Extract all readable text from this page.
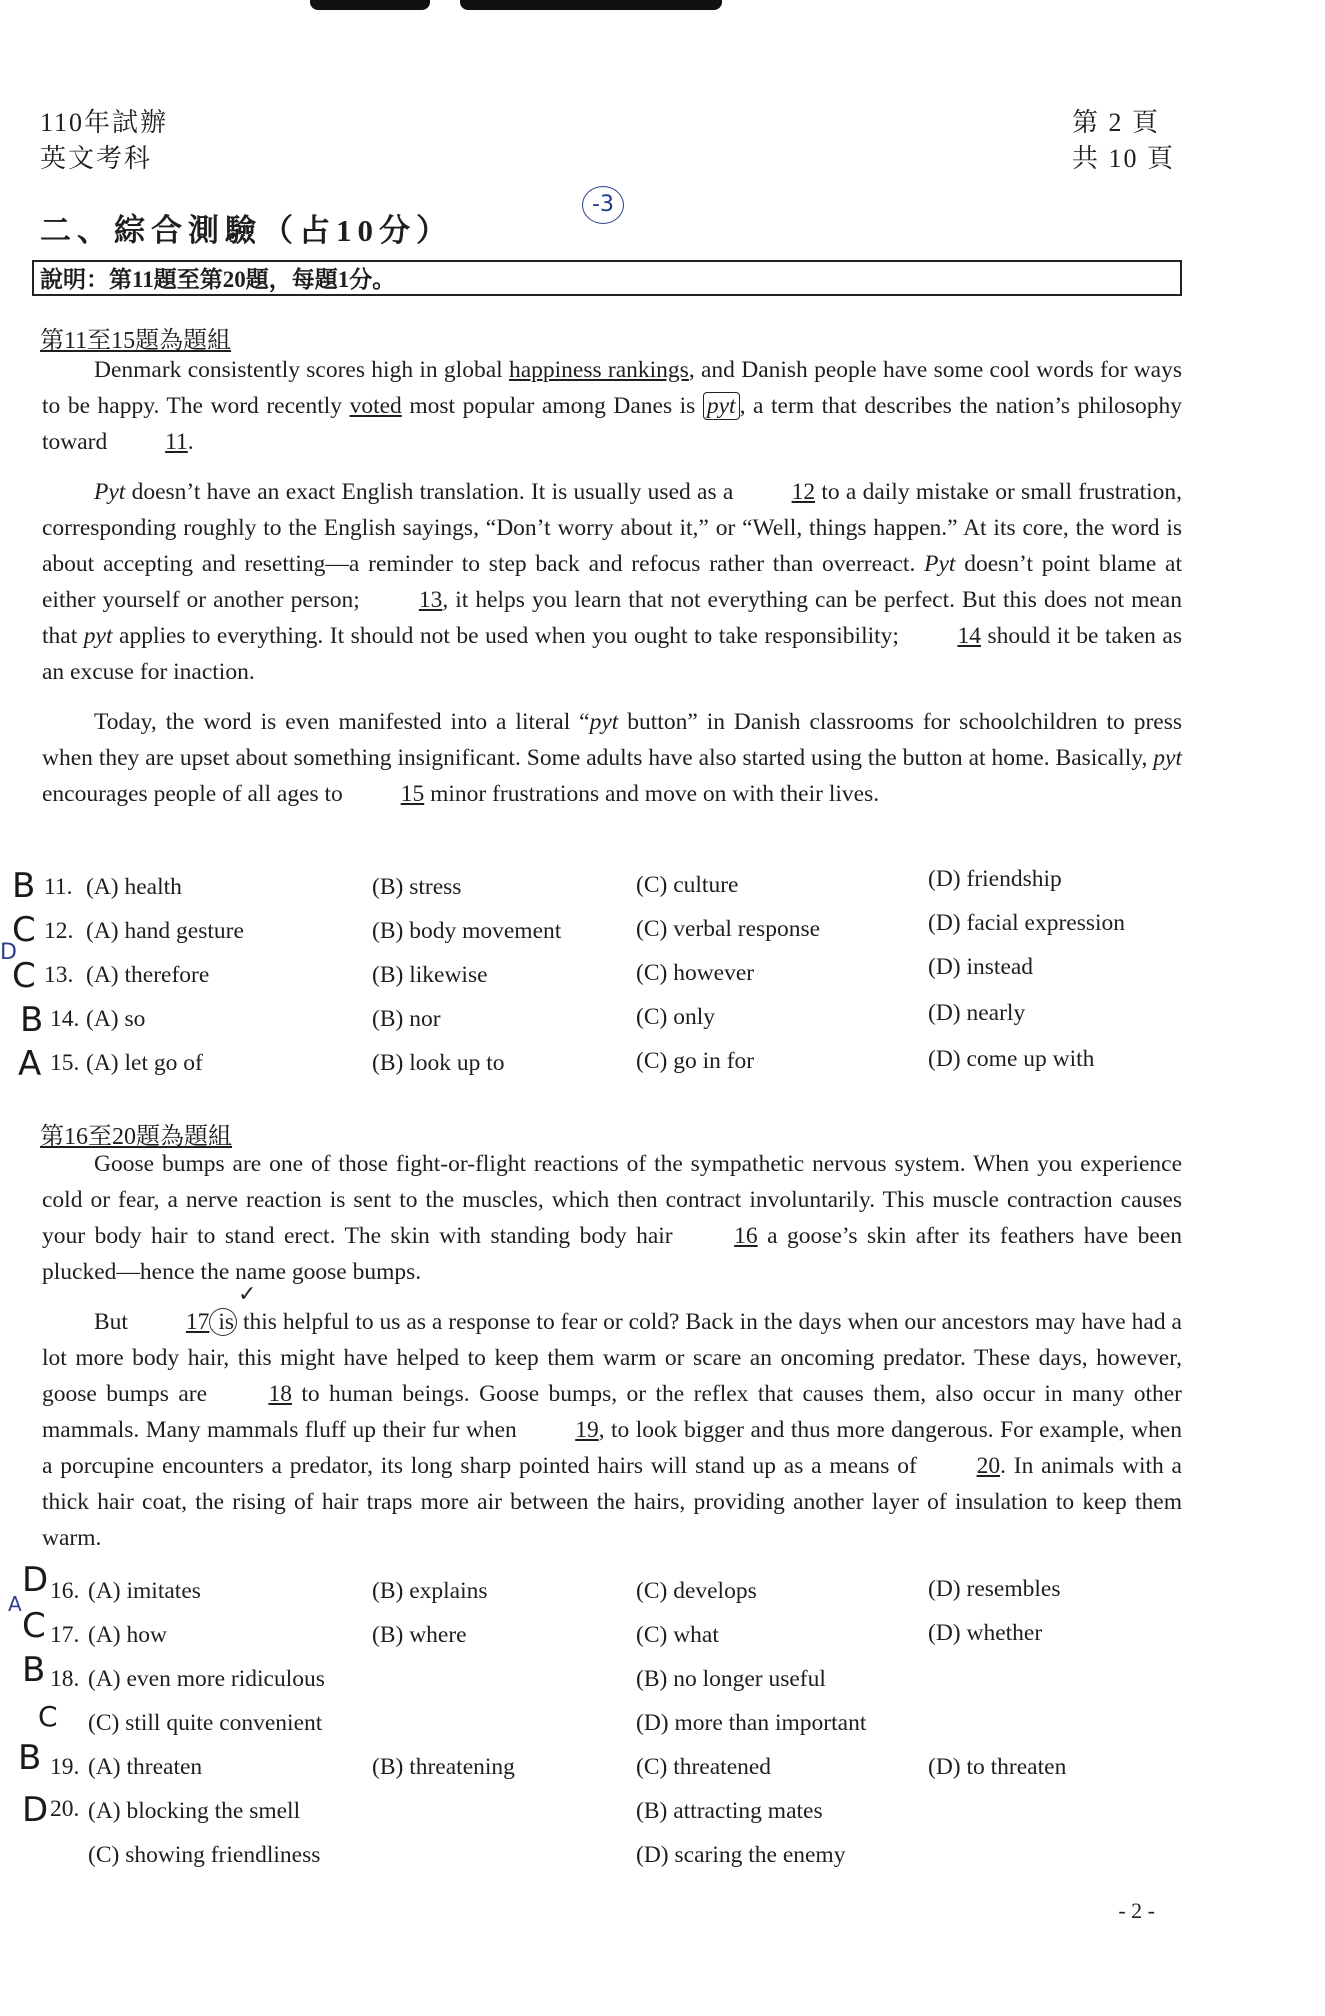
110年試辦
英文考科
第 2 頁
共 10 頁
二、綜合測驗（占10分）
-3
說明：第11題至第20題，每題1分。
第11至15題為題組

Denmark consistently scores high in global happiness rankings, and Danish people have some cool words for ways to be happy. The word recently voted most popular among Danes is pyt , a term that describes the nation’s philosophy toward 11.

Pyt doesn’t have an exact English translation. It is usually used as a 12 to a daily mistake or small frustration, corresponding roughly to the English sayings, “Don’t worry about it,” or “Well, things happen.” At its core, the word is about accepting and resetting—a reminder to step back and refocus rather than overreact. Pyt doesn’t point blame at either yourself or another person; 13, it helps you learn that not everything can be perfect. But this does not mean that pyt applies to everything. It should not be used when you ought to take responsibility; 14 should it be taken as an excuse for inaction.

Today, the word is even manifested into a literal “pyt button” in Danish classrooms for schoolchildren to press when they are upset about something insignificant. Some adults have also started using the button at home. Basically, pyt encourages people of all ages to 15 minor frustrations and move on with their lives.

B 11. (A) health	(B) stress	(C) culture	(D) friendship
C 12. (A) hand gesture	(B) body movement	(C) verbal response	(D) facial expression
D
C 13. (A) therefore	(B) likewise	(C) however	(D) instead
B 14. (A) so	(B) nor	(C) only	(D) nearly
A 15. (A) let go of	(B) look up to	(C) go in for	(D) come up with
第16至20題為題組

Goose bumps are one of those fight-or-flight reactions of the sympathetic nervous system. When you experience cold or fear, a nerve reaction is sent to the muscles, which then contract involuntarily. This muscle contraction causes your body hair to stand erect. The skin with standing body hair 16 a goose’s skin after its feathers have been plucked—hence the name goose bumps.

But 17 is this helpful to us as a response to fear or cold? Back in the days when our ancestors may have had a lot more body hair, this might have helped to keep them warm or scare an oncoming predator. These days, however, goose bumps are 18 to human beings. Goose bumps, or the reflex that causes them, also occur in many other mammals. Many mammals fluff up their fur when 19, to look bigger and thus more dangerous. For example, when a porcupine encounters a predator, its long sharp pointed hairs will stand up as a means of 20. In animals with a thick hair coat, the rising of hair traps more air between the hairs, providing another layer of insulation to keep them warm.

✓
D 16. (A) imitates	(B) explains	(C) develops	(D) resembles
A
C 17. (A) how	(B) where	(C) what	(D) whether
B 18. (A) even more ridiculous	(B) no longer useful
C (C) still quite convenient	(D) more than important
B 19. (A) threaten	(B) threatening	(C) threatened	(D) to threaten
D 20. (A) blocking the smell	(B) attracting mates
(C) showing friendliness	(D) scaring the enemy
- 2 -
